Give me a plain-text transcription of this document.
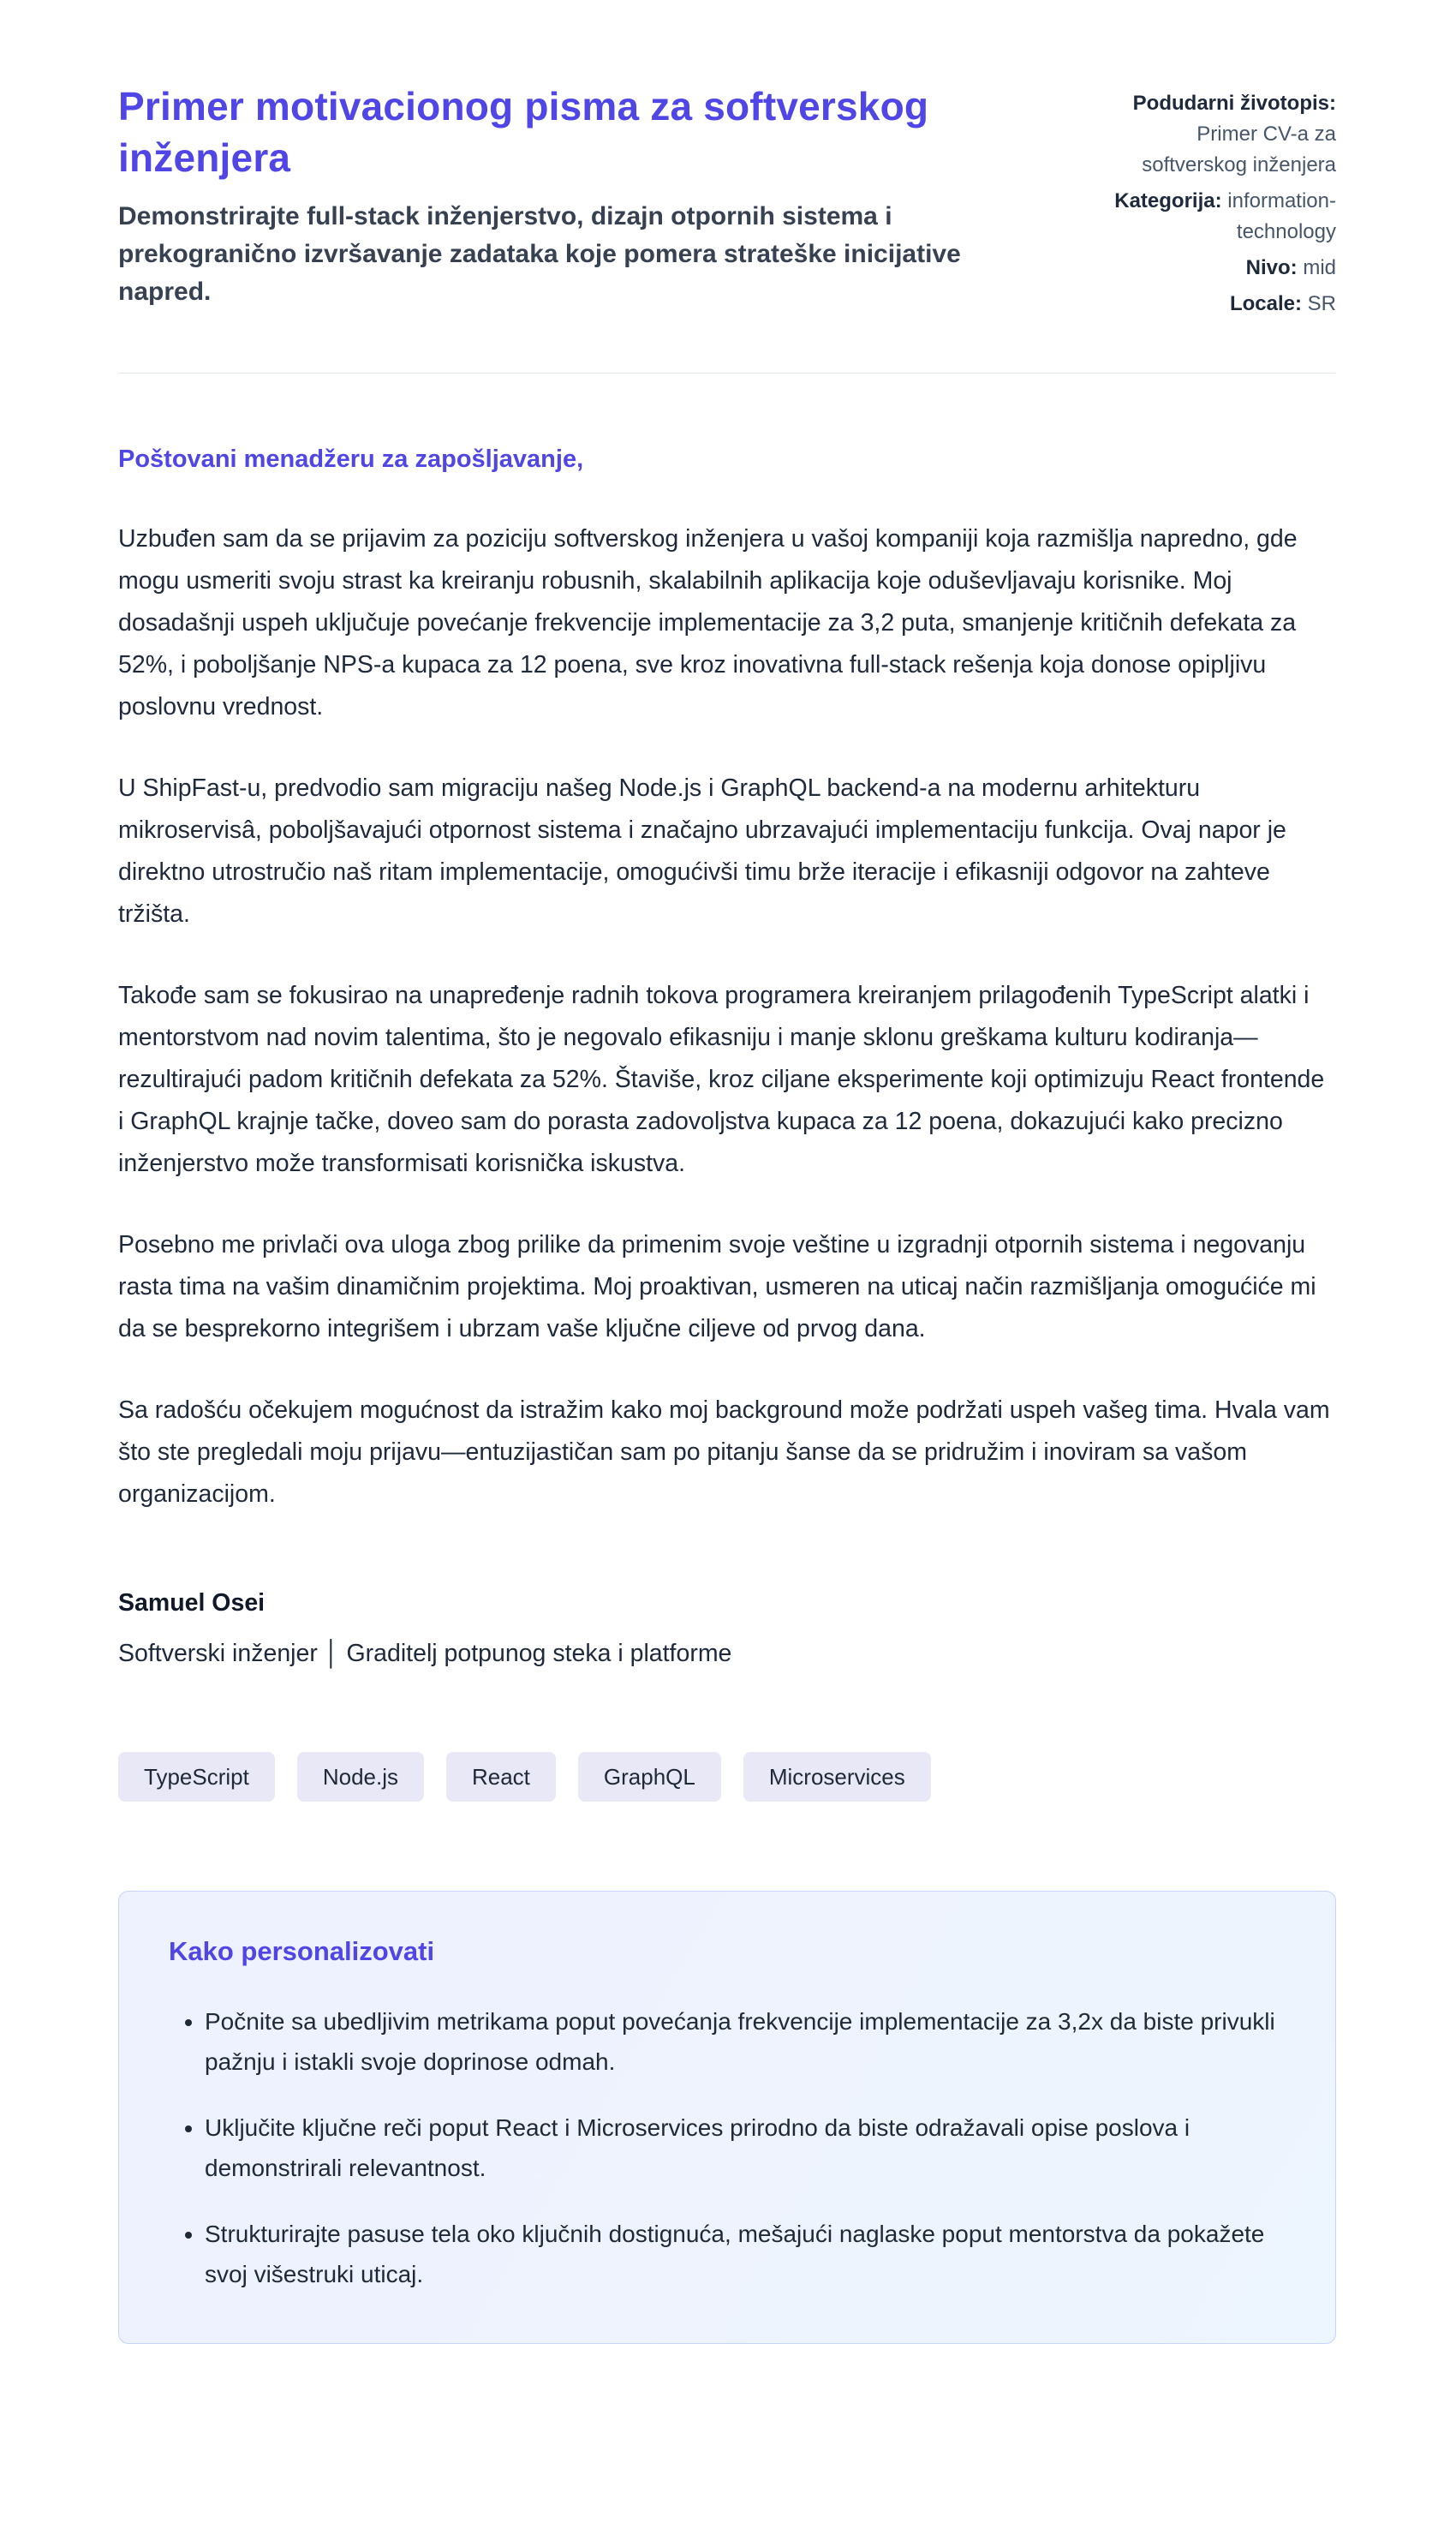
Primer motivacionog pisma za softverskog inženjera

Demonstrirajte full-stack inženjerstvo, dizajn otpornih sistema i prekogranično izvršavanje zadataka koje pomera strateške inicijative napred.

Podudarni životopis: Primer CV-a za softverskog inženjera
Kategorija: information-technology
Nivo: mid
Locale: SR

Poštovani menadžeru za zapošljavanje,

Uzbuđen sam da se prijavim za poziciju softverskog inženjera u vašoj kompaniji koja razmišlja napredno, gde mogu usmeriti svoju strast ka kreiranju robusnih, skalabilnih aplikacija koje oduševljavaju korisnike. Moj dosadašnji uspeh uključuje povećanje frekvencije implementacije za 3,2 puta, smanjenje kritičnih defekata za 52%, i poboljšanje NPS-a kupaca za 12 poena, sve kroz inovativna full-stack rešenja koja donose opipljivu poslovnu vrednost.

U ShipFast-u, predvodio sam migraciju našeg Node.js i GraphQL backend-a na modernu arhitekturu mikroservisâ, poboljšavajući otpornost sistema i značajno ubrzavajući implementaciju funkcija. Ovaj napor je direktno utrostručio naš ritam implementacije, omogućivši timu brže iteracije i efikasniji odgovor na zahteve tržišta.

Takođe sam se fokusirao na unapređenje radnih tokova programera kreiranjem prilagođenih TypeScript alatki i mentorstvom nad novim talentima, što je negovalo efikasniju i manje sklonu greškama kulturu kodiranja—rezultirajući padom kritičnih defekata za 52%. Štaviše, kroz ciljane eksperimente koji optimizuju React frontende i GraphQL krajnje tačke, doveo sam do porasta zadovoljstva kupaca za 12 poena, dokazujući kako precizno inženjerstvo može transformisati korisnička iskustva.

Posebno me privlači ova uloga zbog prilike da primenim svoje veštine u izgradnji otpornih sistema i negovanju rasta tima na vašim dinamičnim projektima. Moj proaktivan, usmeren na uticaj način razmišljanja omogućiće mi da se besprekorno integrišem i ubrzam vaše ključne ciljeve od prvog dana.

Sa radošću očekujem mogućnost da istražim kako moj background može podržati uspeh vašeg tima. Hvala vam što ste pregledali moju prijavu—entuzijastičan sam po pitanju šanse da se pridružim i inoviram sa vašom organizacijom.

Samuel Osei

Softverski inženjer │ Graditelj potpunog steka i platforme

TypeScript	Node.js	React	GraphQL	Microservices
Kako personalizovati
• Počnite sa ubedljivim metrikama poput povećanja frekvencije implementacije za 3,2x da biste privukli pažnju i istakli svoje doprinose odmah.
• Uključite ključne reči poput React i Microservices prirodno da biste odražavali opise poslova i demonstrirali relevantnost.
• Strukturirajte pasuse tela oko ključnih dostignuća, mešajući naglaske poput mentorstva da pokažete svoj višestruki uticaj.
